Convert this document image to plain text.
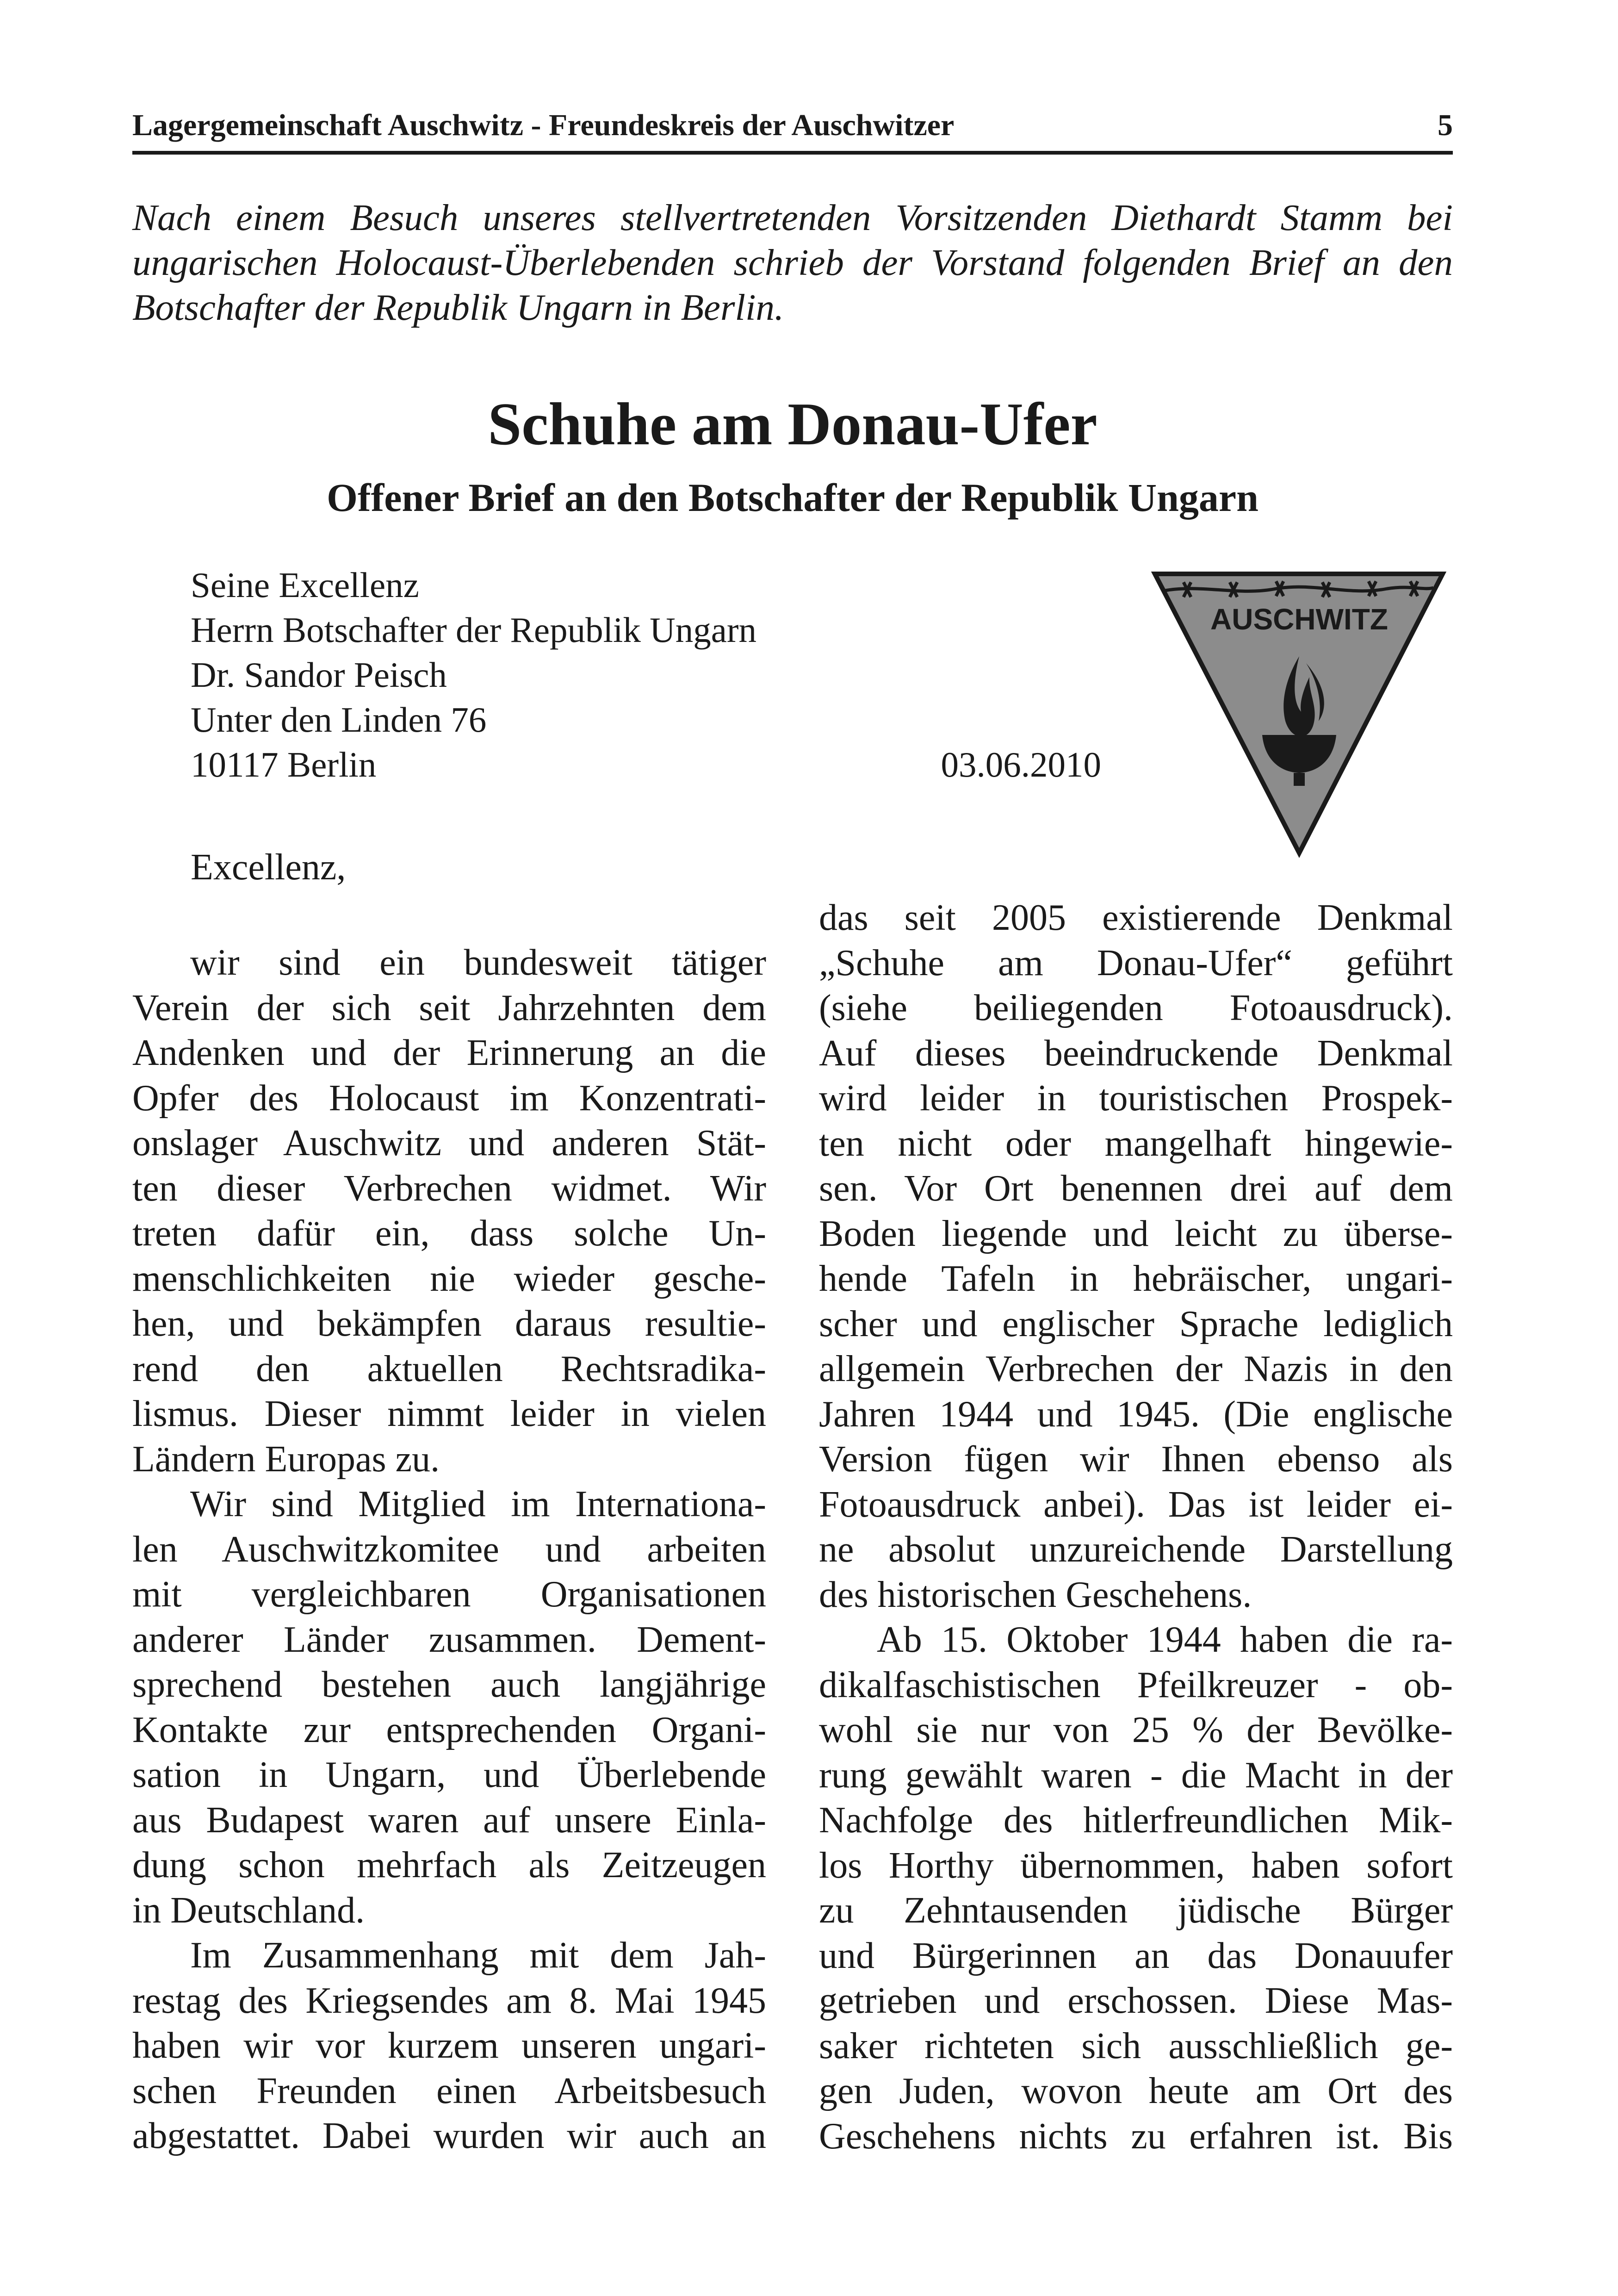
Lagergemeinschaft Auschwitz - Freundeskreis der Auschwitzer	5

Nach einem Besuch unseres stellvertretenden Vorsitzenden Diethardt Stamm bei ungarischen Holocaust-Überlebenden schrieb der Vorstand folgenden Brief an den Botschafter der Republik Ungarn in Berlin.

Schuhe am Donau-Ufer
Offener Brief an den Botschafter der Republik Ungarn
Seine Excellenz
Herrn Botschafter der Republik Ungarn
Dr. Sandor Peisch
Unter den Linden 76
10117 Berlin	03.06.2010
AUSCHWITZ
Excellenz,
wir sind ein bundesweit tätiger
Verein der sich seit Jahrzehnten dem
Andenken und der Erinnerung an die
Opfer des Holocaust im Konzentrati-
onslager Auschwitz und anderen Stät-
ten dieser Verbrechen widmet. Wir
treten dafür ein, dass solche Un-
menschlichkeiten nie wieder gesche-
hen, und bekämpfen daraus resultie-
rend den aktuellen Rechtsradika-
lismus. Dieser nimmt leider in vielen
Ländern Europas zu.
Wir sind Mitglied im Internationa-
len Auschwitzkomitee und arbeiten
mit vergleichbaren Organisationen
anderer Länder zusammen. Dement-
sprechend bestehen auch langjährige
Kontakte zur entsprechenden Organi-
sation in Ungarn, und Überlebende
aus Budapest waren auf unsere Einla-
dung schon mehrfach als Zeitzeugen
in Deutschland.
Im Zusammenhang mit dem Jah-
restag des Kriegsendes am 8. Mai 1945
haben wir vor kurzem unseren ungari-
schen Freunden einen Arbeitsbesuch
abgestattet. Dabei wurden wir auch an
das seit 2005 existierende Denkmal
„Schuhe am Donau-Ufer“ geführt
(siehe beiliegenden Fotoausdruck).
Auf dieses beeindruckende Denkmal
wird leider in touristischen Prospek-
ten nicht oder mangelhaft hingewie-
sen. Vor Ort benennen drei auf dem
Boden liegende und leicht zu überse-
hende Tafeln in hebräischer, ungari-
scher und englischer Sprache lediglich
allgemein Verbrechen der Nazis in den
Jahren 1944 und 1945. (Die englische
Version fügen wir Ihnen ebenso als
Fotoausdruck anbei). Das ist leider ei-
ne absolut unzureichende Darstellung
des historischen Geschehens.
Ab 15. Oktober 1944 haben die ra-
dikalfaschistischen Pfeilkreuzer - ob-
wohl sie nur von 25 % der Bevölke-
rung gewählt waren - die Macht in der
Nachfolge des hitlerfreundlichen Mik-
los Horthy übernommen, haben sofort
zu Zehntausenden jüdische Bürger
und Bürgerinnen an das Donauufer
getrieben und erschossen. Diese Mas-
saker richteten sich ausschließlich ge-
gen Juden, wovon heute am Ort des
Geschehens nichts zu erfahren ist. Bis
